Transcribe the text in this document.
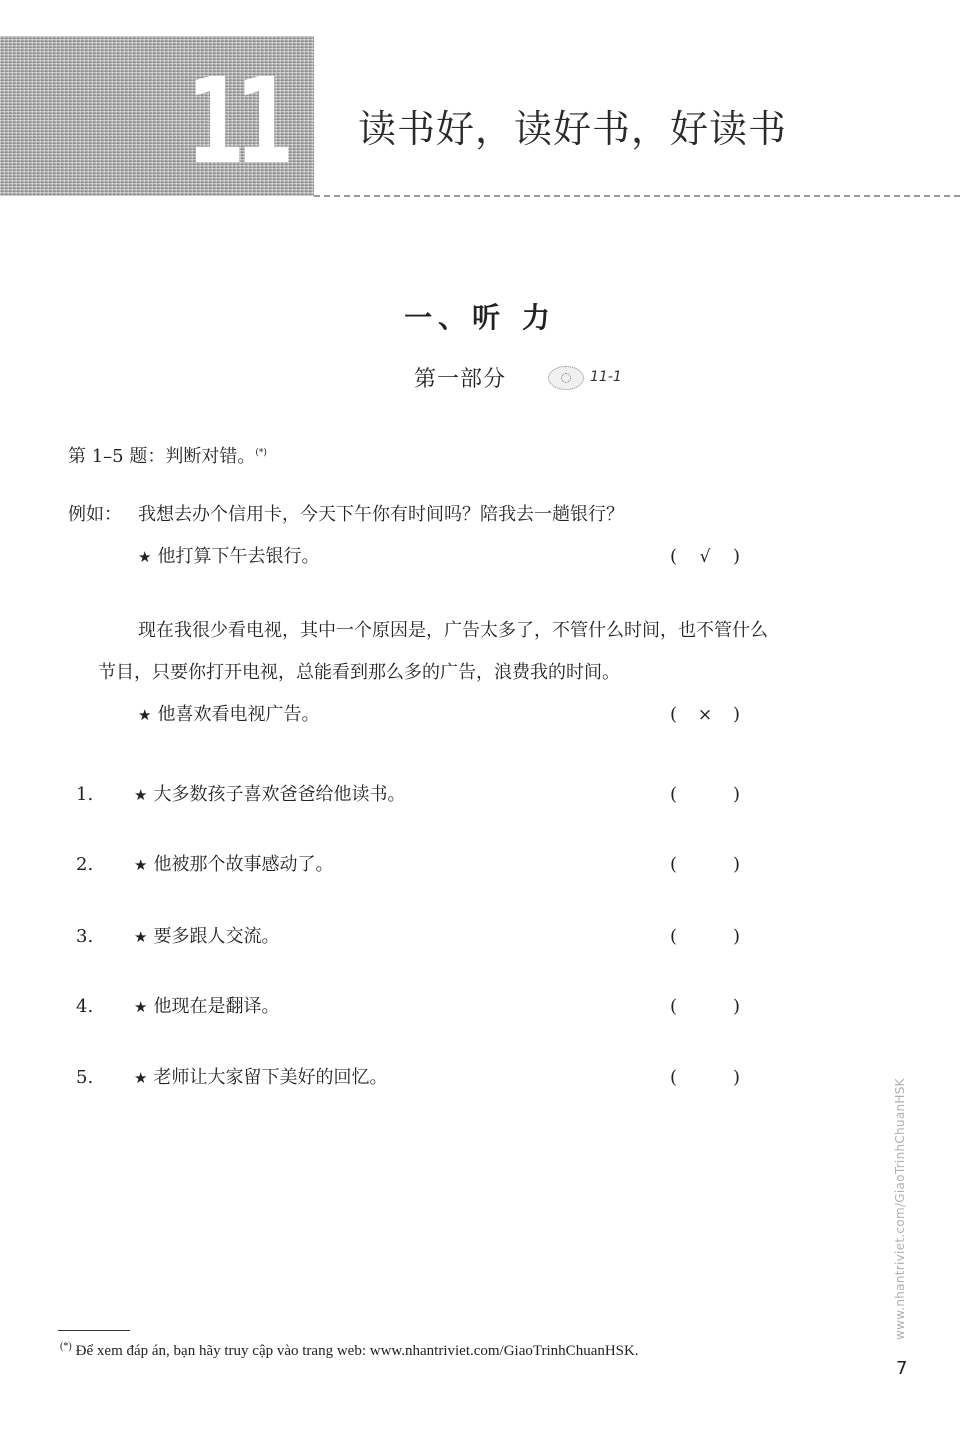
11 读书好，读好书，好读书
一、听 力
第一部分	11-1
第 1–5 题：判断对错。(*)
例如： 我想去办个信用卡，今天下午你有时间吗？陪我去一趟银行？
★ 他打算下午去银行。	(	√	)
现在我很少看电视，其中一个原因是，广告太多了，不管什么时间，也不管什么
节目，只要你打开电视，总能看到那么多的广告，浪费我的时间。
★ 他喜欢看电视广告。	(	×	)
1.	★ 大多数孩子喜欢爸爸给他读书。	(	)
2.	★ 他被那个故事感动了。	(	)
3.	★ 要多跟人交流。	(	)
4.	★ 他现在是翻译。	(	)
5.	★ 老师让大家留下美好的回忆。	(	)
(*) Để xem đáp án, bạn hãy truy cập vào trang web: www.nhantriviet.com/GiaoTrinhChuanHSK.
www.nhantriviet.com/GiaoTrinhChuanHSK
7
